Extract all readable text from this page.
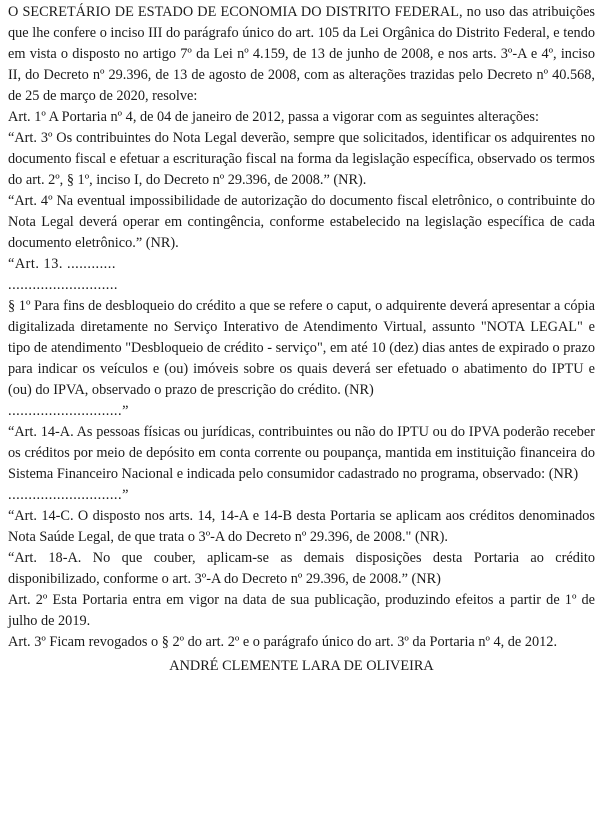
O SECRETÁRIO DE ESTADO DE ECONOMIA DO DISTRITO FEDERAL, no uso das atribuições que lhe confere o inciso III do parágrafo único do art. 105 da Lei Orgânica do Distrito Federal, e tendo em vista o disposto no artigo 7º da Lei nº 4.159, de 13 de junho de 2008, e nos arts. 3º-A e 4º, inciso II, do Decreto nº 29.396, de 13 de agosto de 2008, com as alterações trazidas pelo Decreto nº 40.568, de 25 de março de 2020, resolve:

Art. 1º A Portaria nº 4, de 04 de janeiro de 2012, passa a vigorar com as seguintes alterações:

“Art. 3º Os contribuintes do Nota Legal deverão, sempre que solicitados, identificar os adquirentes no documento fiscal e efetuar a escrituração fiscal na forma da legislação específica, observado os termos do art. 2º, § 1º, inciso I, do Decreto nº 29.396, de 2008.” (NR).

“Art. 4º Na eventual impossibilidade de autorização do documento fiscal eletrônico, o contribuinte do Nota Legal deverá operar em contingência, conforme estabelecido na legislação específica de cada documento eletrônico.” (NR).

“Art. 13. ............

...........................

§ 1º Para fins de desbloqueio do crédito a que se refere o caput, o adquirente deverá apresentar a cópia digitalizada diretamente no Serviço Interativo de Atendimento Virtual, assunto "NOTA LEGAL" e tipo de atendimento "Desbloqueio de crédito - serviço", em até 10 (dez) dias antes de expirado o prazo para indicar os veículos e (ou) imóveis sobre os quais deverá ser efetuado o abatimento do IPTU e (ou) do IPVA, observado o prazo de prescrição do crédito. (NR)

............................”

“Art. 14-A. As pessoas físicas ou jurídicas, contribuintes ou não do IPTU ou do IPVA poderão receber os créditos por meio de depósito em conta corrente ou poupança, mantida em instituição financeira do Sistema Financeiro Nacional e indicada pelo consumidor cadastrado no programa, observado: (NR)

............................”

“Art. 14-C. O disposto nos arts. 14, 14-A e 14-B desta Portaria se aplicam aos créditos denominados Nota Saúde Legal, de que trata o 3º-A do Decreto nº 29.396, de 2008." (NR).

“Art. 18-A. No que couber, aplicam-se as demais disposições desta Portaria ao crédito disponibilizado, conforme o art. 3º-A do Decreto nº 29.396, de 2008.” (NR)

Art. 2º Esta Portaria entra em vigor na data de sua publicação, produzindo efeitos a partir de 1º de julho de 2019.

Art. 3º Ficam revogados o § 2º do art. 2º e o parágrafo único do art. 3º da Portaria nº 4, de 2012.

ANDRÉ CLEMENTE LARA DE OLIVEIRA
